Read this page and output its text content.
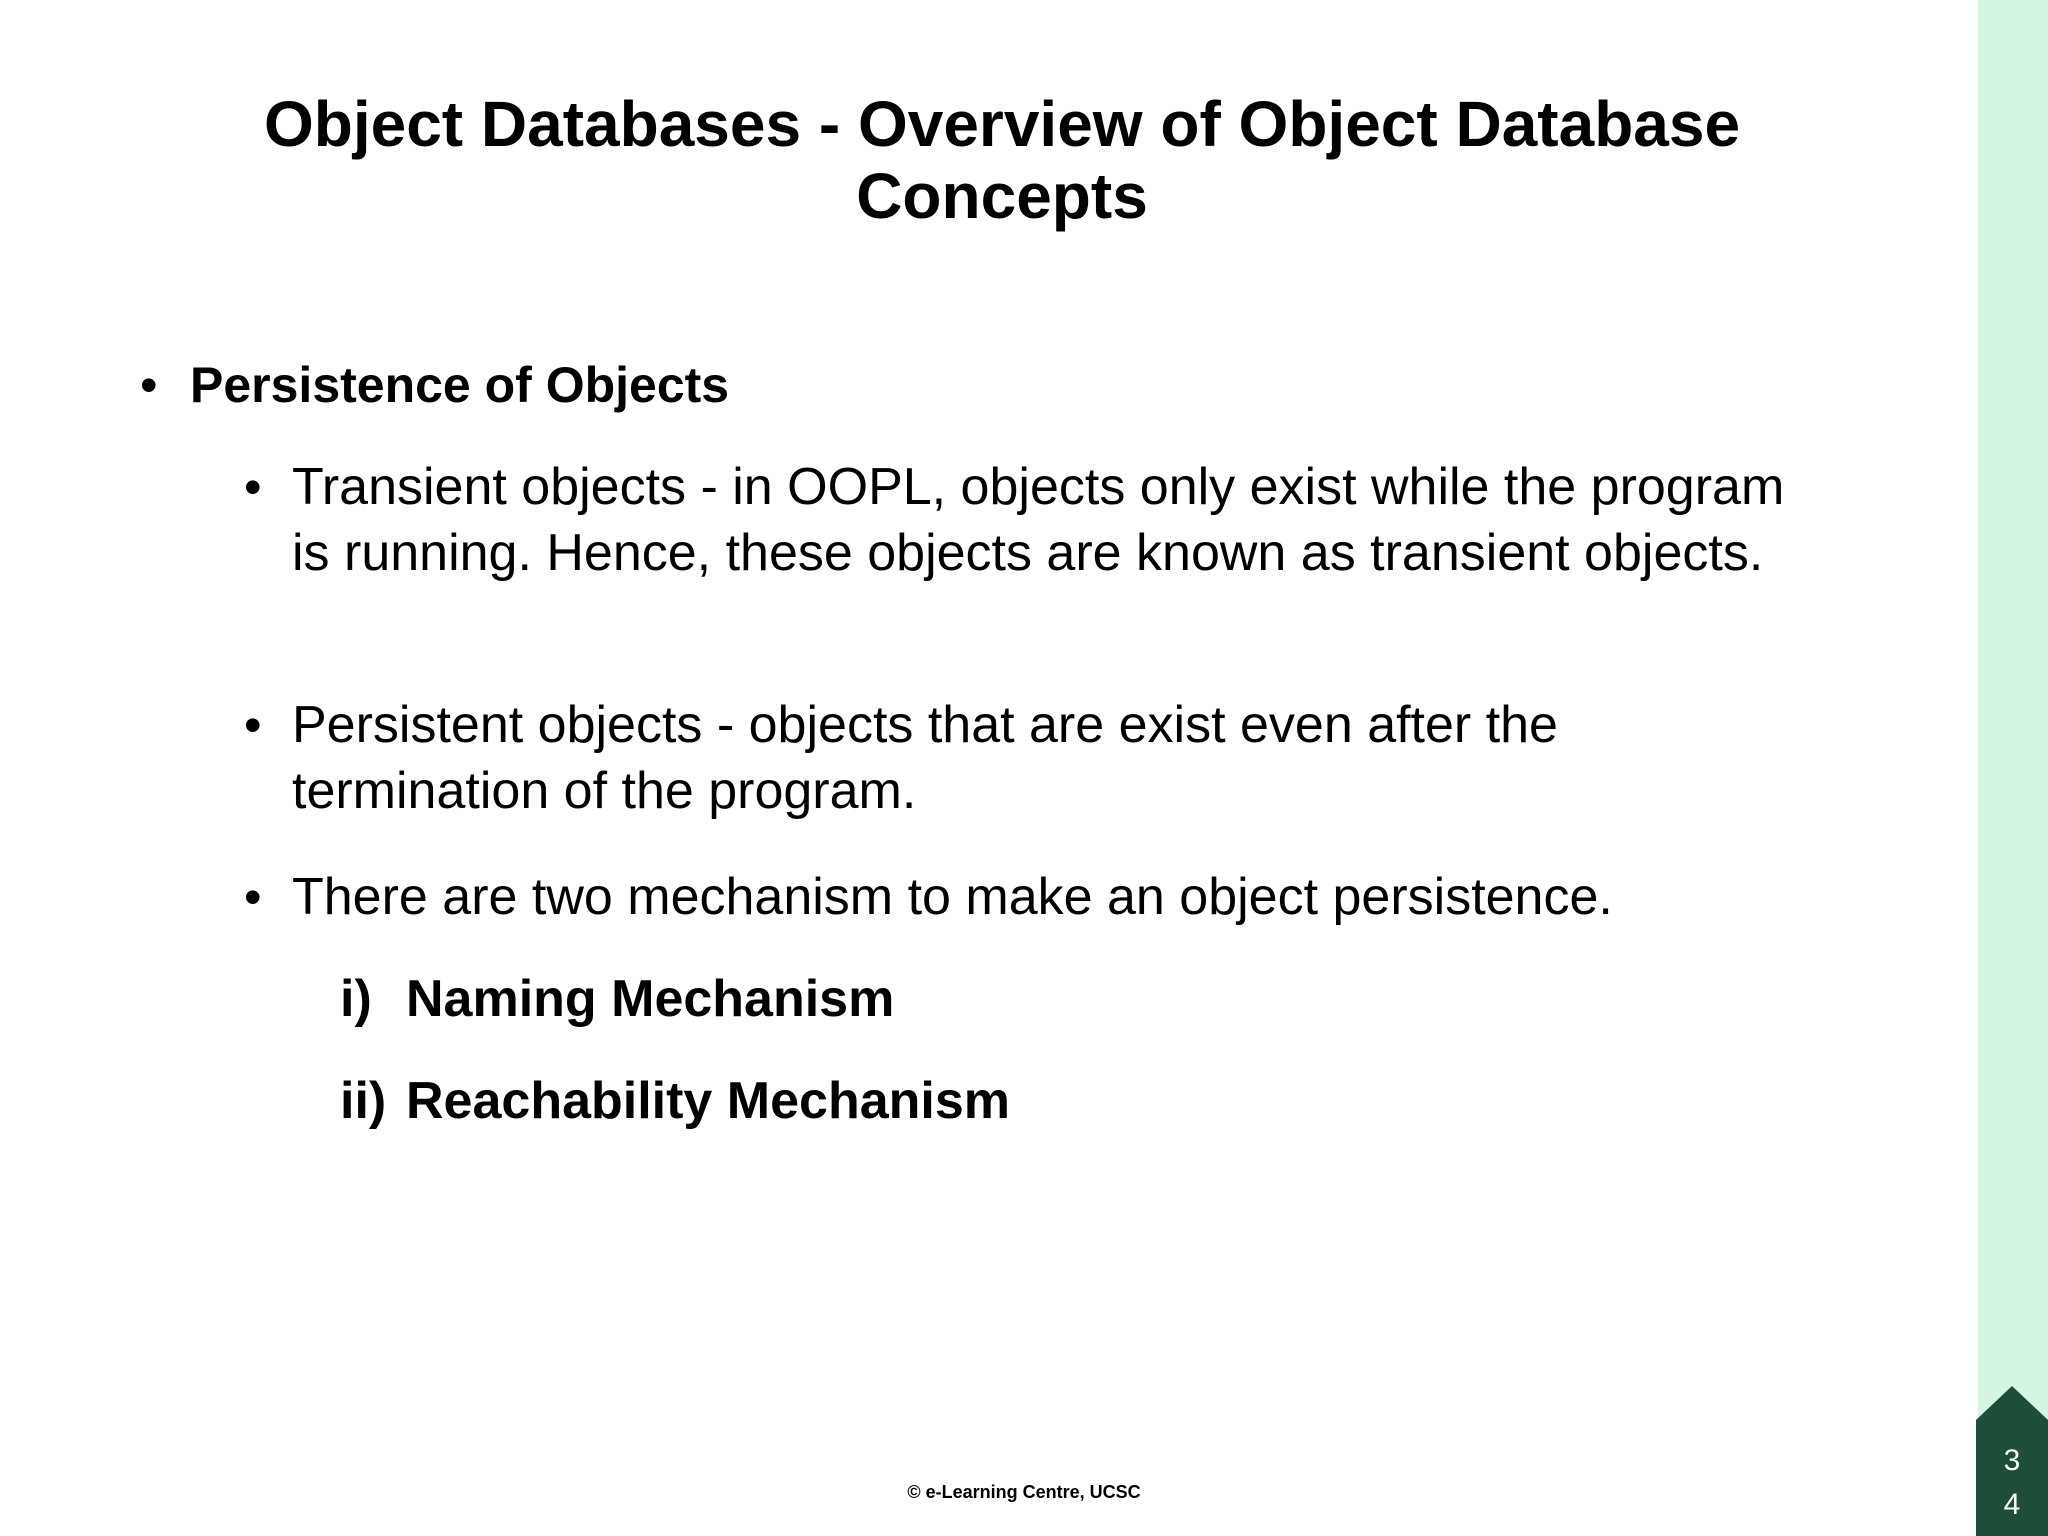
Object Databases - Overview of Object Database
Concepts
• Persistence of Objects
• Transient objects - in OOPL, objects only exist while the program is running. Hence, these objects are known as transient objects.
• Persistent objects - objects that are exist even after the termination of the program.
• There are two mechanism to make an object persistence.
i) Naming Mechanism
ii) Reachability Mechanism
© e-Learning Centre, UCSC
3
4
